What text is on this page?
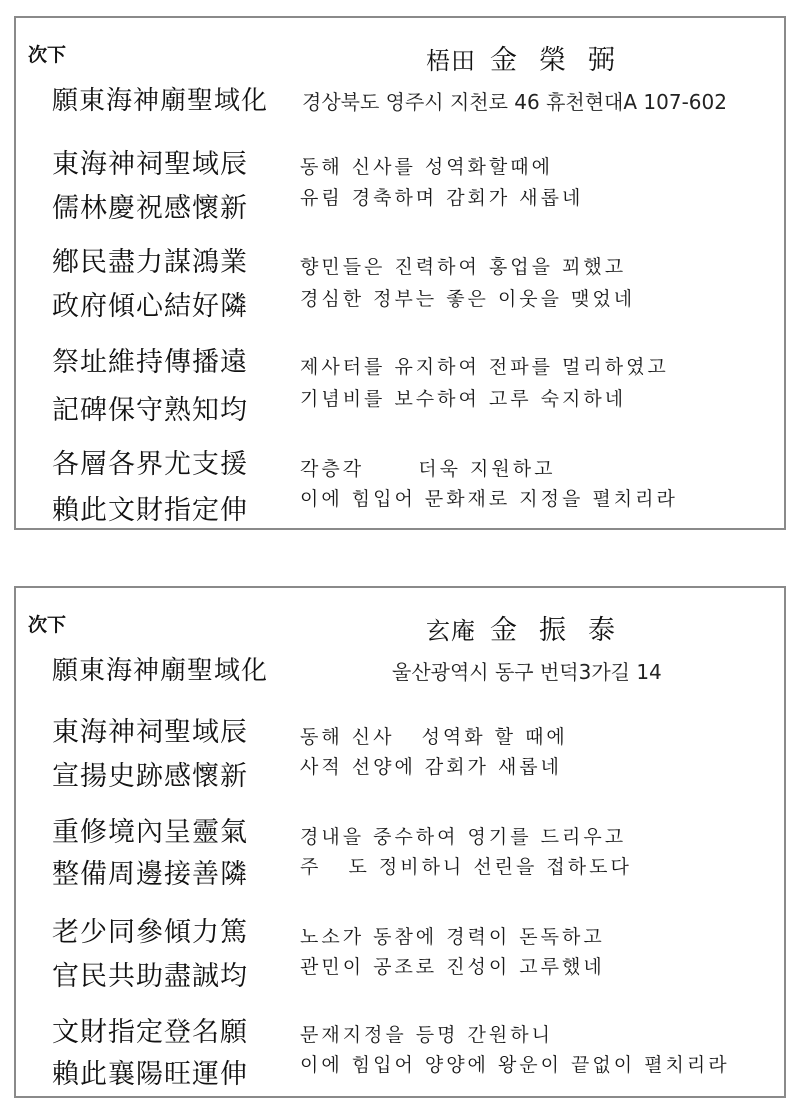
次下	梧田 金榮弼
願東海神廟聖域化 경상북도 영주시 지천로 46 휴천현대A 107-602
東海神祠聖域辰	동해 신사를 성역화할때에
儒林慶祝感懷新	유림 경축하며 감회가 새롭네
鄕民盡力謀鴻業	향민들은 진력하여 홍업을 꾀했고
政府傾心結好隣	경심한 정부는 좋은 이웃을 맺었네
祭址維持傳播遠	제사터를 유지하여 전파를 멀리하였고
記碑保守熟知均	기념비를 보수하여 고루 숙지하네
各層各界尤支援	각층각      더욱 지원하고
賴此文財指定伸	이에 힘입어 문화재로 지정을 펼치리라
次下	玄庵 金振泰
願東海神廟聖域化	울산광역시 동구 번덕3가길 14
東海神祠聖域辰	동해 신사   성역화 할 때에
宣揚史跡感懷新	사적 선양에 감회가 새롭네
重修境內呈靈氣	경내을 중수하여 영기를 드리우고
整備周邊接善隣	주   도 정비하니 선린을 접하도다
老少同參傾力篤	노소가 동참에 경력이 돈독하고
官民共助盡誠均	관민이 공조로 진성이 고루했네
文財指定登名願	문재지정을 등명 간원하니
賴此襄陽旺運伸	이에 힘입어 양양에 왕운이 끝없이 펼치리라
